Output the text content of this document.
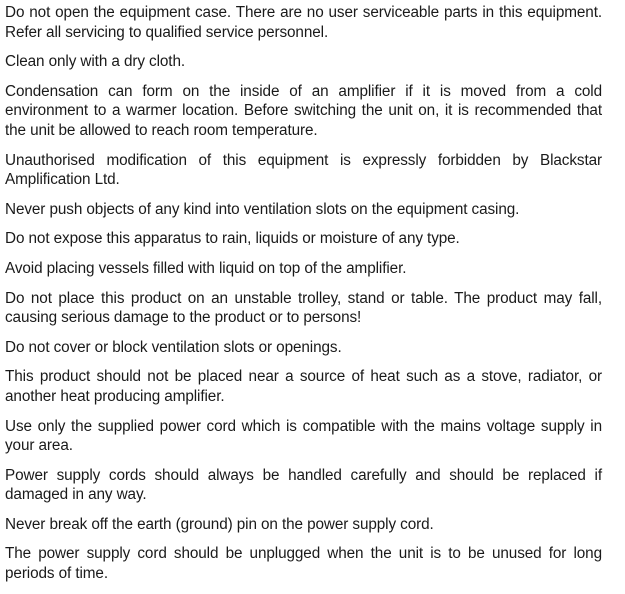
Do not open the equipment case. There are no user serviceable parts in this equipment. Refer all servicing to qualified service personnel.

Clean only with a dry cloth.

Condensation can form on the inside of an amplifier if it is moved from a cold environment to a warmer location. Before switching the unit on, it is recommended that the unit be allowed to reach room temperature.

Unauthorised modification of this equipment is expressly forbidden by Blackstar Amplification Ltd.

Never push objects of any kind into ventilation slots on the equipment casing.

Do not expose this apparatus to rain, liquids or moisture of any type.

Avoid placing vessels filled with liquid on top of the amplifier.

Do not place this product on an unstable trolley, stand or table. The product may fall, causing serious damage to the product or to persons!

Do not cover or block ventilation slots or openings.

This product should not be placed near a source of heat such as a stove, radiator, or another heat producing amplifier.

Use only the supplied power cord which is compatible with the mains voltage supply in your area.

Power supply cords should always be handled carefully and should be replaced if damaged in any way.

Never break off the earth (ground) pin on the power supply cord.

The power supply cord should be unplugged when the unit is to be unused for long periods of time.
